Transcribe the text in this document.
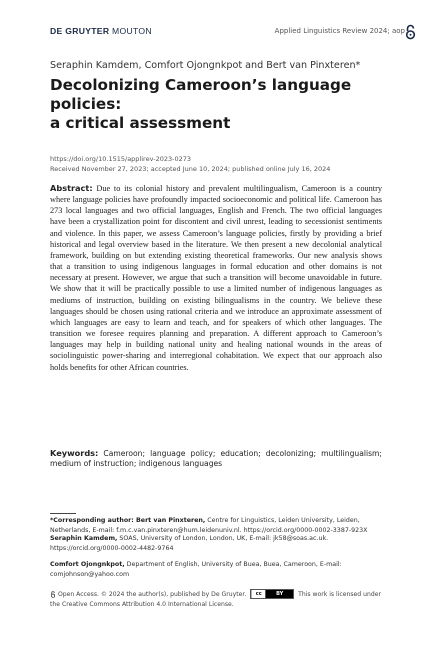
DE GRUYTER MOUTON	Applied Linguistics Review 2024; aop
Seraphin Kamdem, Comfort Ojongnkpot and Bert van Pinxteren*
Decolonizing Cameroon’s language policies:
a critical assessment
https://doi.org/10.1515/applirev-2023-0273
Received November 27, 2023; accepted June 10, 2024; published online July 16, 2024
Abstract: Due to its colonial history and prevalent multilingualism, Cameroon is a country where language policies have profoundly impacted socioeconomic and political life. Cameroon has 273 local languages and two official languages, English and French. The two official languages have been a crystallization point for discontent and civil unrest, leading to secessionist sentiments and violence. In this paper, we assess Cameroon’s language policies, firstly by providing a brief historical and legal overview based in the literature. We then present a new decolonial analytical framework, building on but extending existing theoretical frameworks. Our new analysis shows that a transition to using indigenous languages in formal education and other domains is not necessary at present. However, we argue that such a transition will become unavoidable in future. We show that it will be practically possible to use a limited number of indigenous languages as mediums of instruction, building on existing bilingualisms in the country. We believe these languages should be chosen using rational criteria and we introduce an approximate assessment of which languages are easy to learn and teach, and for speakers of which other languages. The transition we foresee requires planning and preparation. A different approach to Cameroon’s languages may help in building national unity and healing national wounds in the areas of sociolinguistic power-sharing and interregional cohabitation. We expect that our approach also holds benefits for other African countries.
Keywords: Cameroon; language policy; education; decolonizing; multilingualism; medium of instruction; indigenous languages
*Corresponding author: Bert van Pinxteren, Centre for Linguistics, Leiden University, Leiden, Netherlands, E-mail: f.m.c.van.pinxteren@hum.leidenuniv.nl. https://orcid.org/0000-0002-3387-923X
Seraphin Kamdem, SOAS, University of London, London, UK, E-mail: jk58@soas.ac.uk. https://orcid.org/0000-0002-4482-9764
Comfort Ojongnkpot, Department of English, University of Buea, Buea, Cameroon, E-mail: comjohnson@yahoo.com
Open Access. © 2024 the author(s), published by De Gruyter.	cc	BY	This work is licensed under the Creative Commons Attribution 4.0 International License.
